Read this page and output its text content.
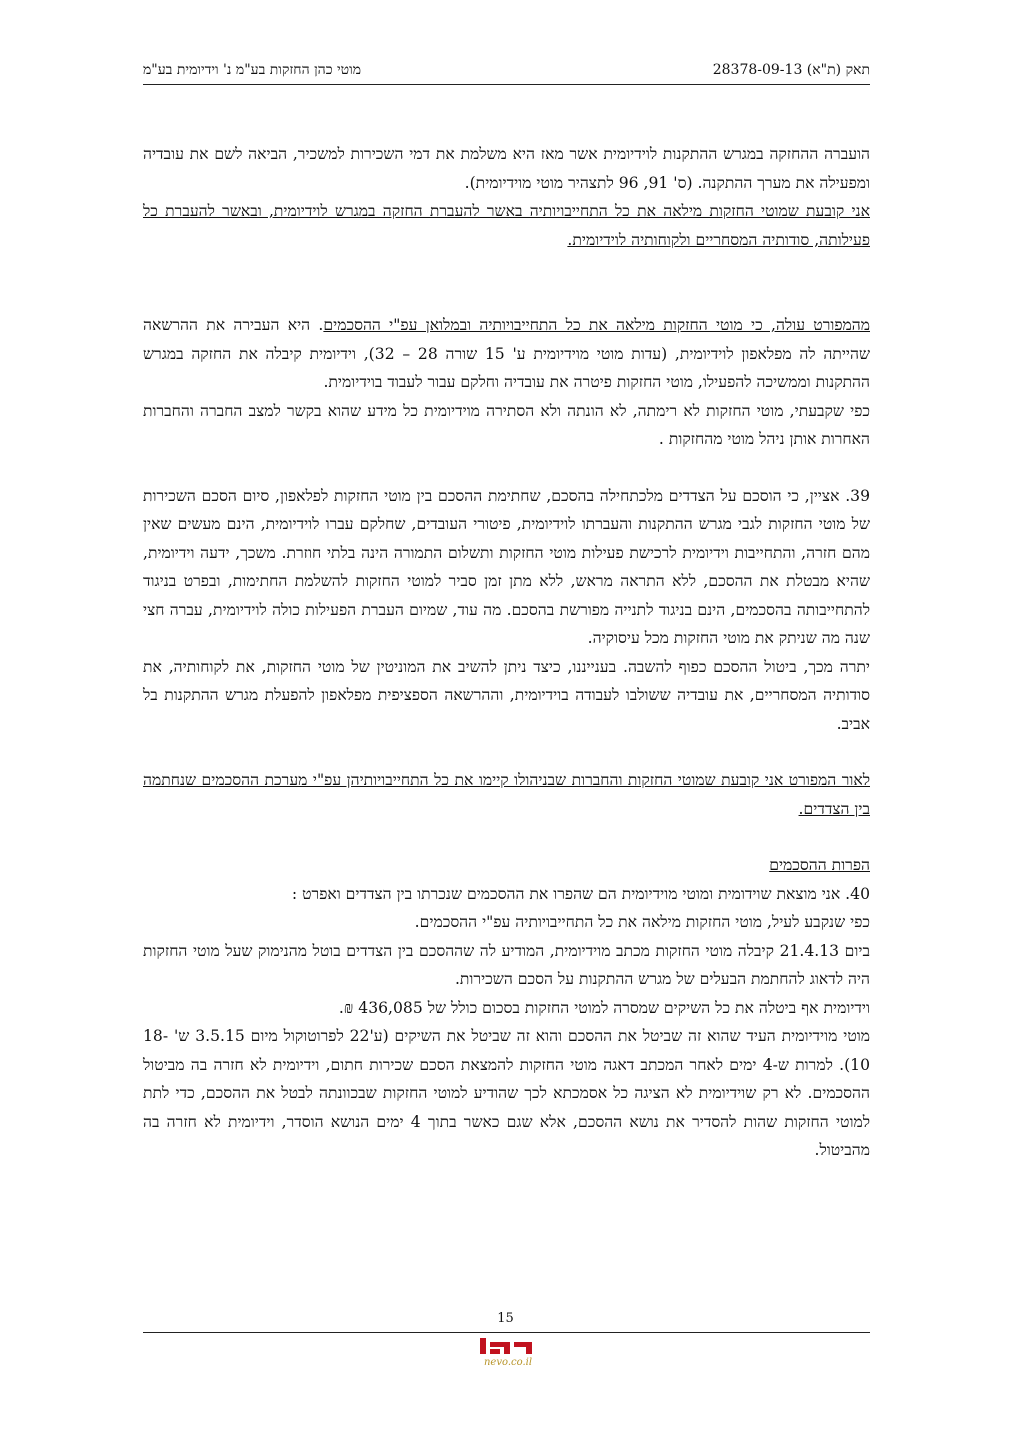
תאק (ת"א) 28378-09-13
מוטי כהן החזקות בע"מ נ' וידיומית בע"מ

הועברה ההחזקה במגרש ההתקנות לוידיומית אשר מאז היא משלמת את דמי השכירות למשכיר, הביאה לשם את עובדיה ומפעילה את מערך ההתקנה. (ס' 91, 96 לתצהיר מוטי מוידיומית).

אני קובעת שמוטי החזקות מילאה את כל התחייבויותיה באשר להעברת החזקה במגרש לוידיומית, ובאשר להעברת כל פעילותה, סודותיה המסחריים ולקוחותיה לוידיומית.

מהמפורט עולה, כי מוטי החזקות מילאה את כל התחייבויותיה ובמלואן עפ"י ההסכמים. היא העבירה את ההרשאה שהייתה לה מפלאפון לוידיומית, (עדות מוטי מוידיומית ע' 15 שורה 28 – 32), וידיומית קיבלה את החזקה במגרש ההתקנות וממשיכה להפעילו, מוטי החזקות פיטרה את עובדיה וחלקם עבור לעבוד בוידיומית.

כפי שקבעתי, מוטי החזקות לא רימתה, לא הונתה ולא הסתירה מוידיומית כל מידע שהוא בקשר למצב החברה והחברות האחרות אותן ניהל מוטי מהחזקות .

39. אציין, כי הוסכם על הצדדים מלכתחילה בהסכם, שחתימת ההסכם בין מוטי החזקות לפלאפון, סיום הסכם השכירות של מוטי החזקות לגבי מגרש ההתקנות והעברתו לוידיומית, פיטורי העובדים, שחלקם עברו לוידיומית, הינם מעשים שאין מהם חזרה, והתחייבות וידיומית לרכישת פעילות מוטי החזקות ותשלום התמורה הינה בלתי חוזרת. משכך, ידעה וידיומית, שהיא מבטלת את ההסכם, ללא התראה מראש, ללא מתן זמן סביר למוטי החזקות להשלמת החתימות, ובפרט בניגוד להתחייבותה בהסכמים, הינם בניגוד לתנייה מפורשת בהסכם. מה עוד, שמיום העברת הפעילות כולה לוידיומית, עברה חצי שנה מה שניתק את מוטי החזקות מכל עיסוקיה.

יתרה מכך, ביטול ההסכם כפוף להשבה. בענייננו, כיצד ניתן להשיב את המוניטין של מוטי החזקות, את לקוחותיה, את סודותיה המסחריים, את עובדיה ששולבו לעבודה בוידיומית, וההרשאה הספציפית מפלאפון להפעלת מגרש ההתקנות בל אביב.

לאור המפורט אני קובעת שמוטי החזקות והחברות שבניהולו קיימו את כל התחייבויותיהן עפ"י מערכת ההסכמים שנחתמה בין הצדדים.

הפרות ההסכמים

40. אני מוצאת שוידומית ומוטי מוידיומית הם שהפרו את ההסכמים שנכרתו בין הצדדים ואפרט :

כפי שנקבע לעיל, מוטי החזקות מילאה את כל התחייבויותיה עפ"י ההסכמים.

ביום 21.4.13 קיבלה מוטי החזקות מכתב מוידיומית, המודיע לה שההסכם בין הצדדים בוטל מהנימוק שעל מוטי החזקות היה לדאוג להחתמת הבעלים של מגרש ההתקנות על הסכם השכירות.

וידיומית אף ביטלה את כל השיקים שמסרה למוטי החזקות בסכום כולל של 436,085 ₪.

מוטי מוידיומית העיד שהוא זה שביטל את ההסכם והוא זה שביטל את השיקים (ע'22 לפרוטוקול מיום 3.5.15 ש' 18-10). למרות ש-4 ימים לאחר המכתב דאגה מוטי החזקות להמצאת הסכם שכירות חתום, וידיומית לא חזרה בה מביטול ההסכמים. לא רק שוידיומית לא הציגה כל אסמכתא לכך שהודיע למוטי החזקות שבכוונתה לבטל את ההסכם, כדי לתת למוטי החזקות שהות להסדיר את נושא ההסכם, אלא שגם כאשר בתוך 4 ימים הנושא הוסדר, וידיומית לא חזרה בה מהביטול.

15
nevo.co.il
